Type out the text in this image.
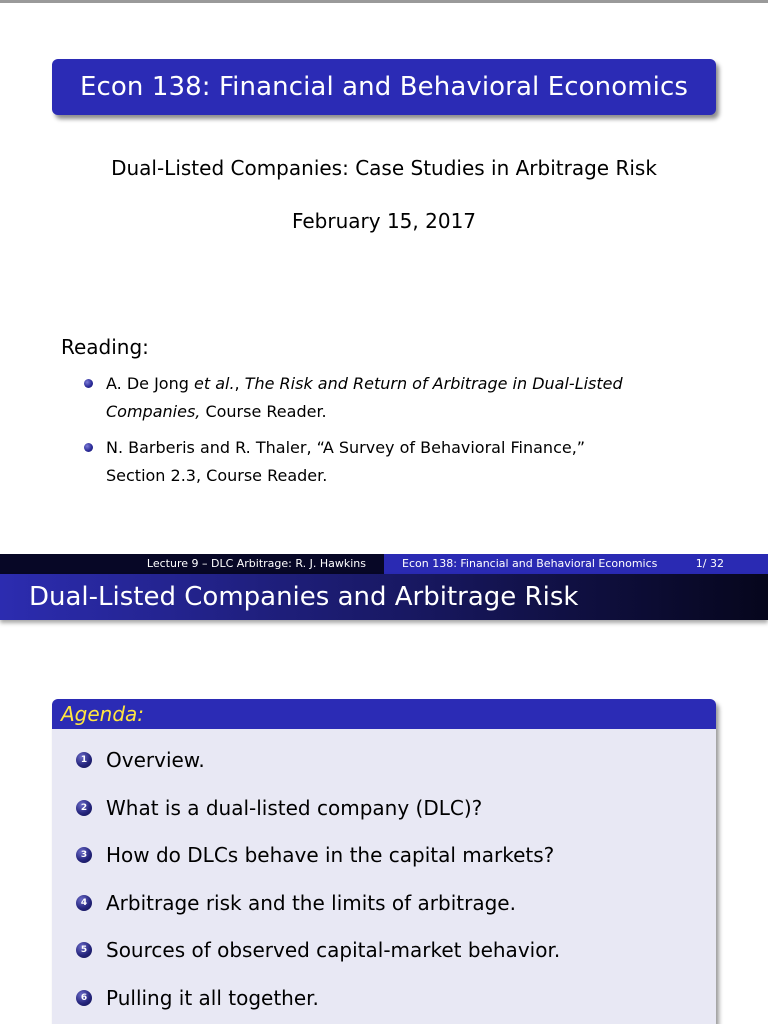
Econ 138: Financial and Behavioral Economics
Dual-Listed Companies: Case Studies in Arbitrage Risk
February 15, 2017
Reading:
A. De Jong et al., The Risk and Return of Arbitrage in Dual-Listed Companies, Course Reader.
N. Barberis and R. Thaler, “A Survey of Behavioral Finance,”
Section 2.3, Course Reader.
Lecture 9 – DLC Arbitrage: R. J. Hawkins	Econ 138: Financial and Behavioral Economics	1/ 32
Dual-Listed Companies and Arbitrage Risk
Agenda:
1 Overview.
2 What is a dual-listed company (DLC)?
3 How do DLCs behave in the capital markets?
4 Arbitrage risk and the limits of arbitrage.
5 Sources of observed capital-market behavior.
6 Pulling it all together.
